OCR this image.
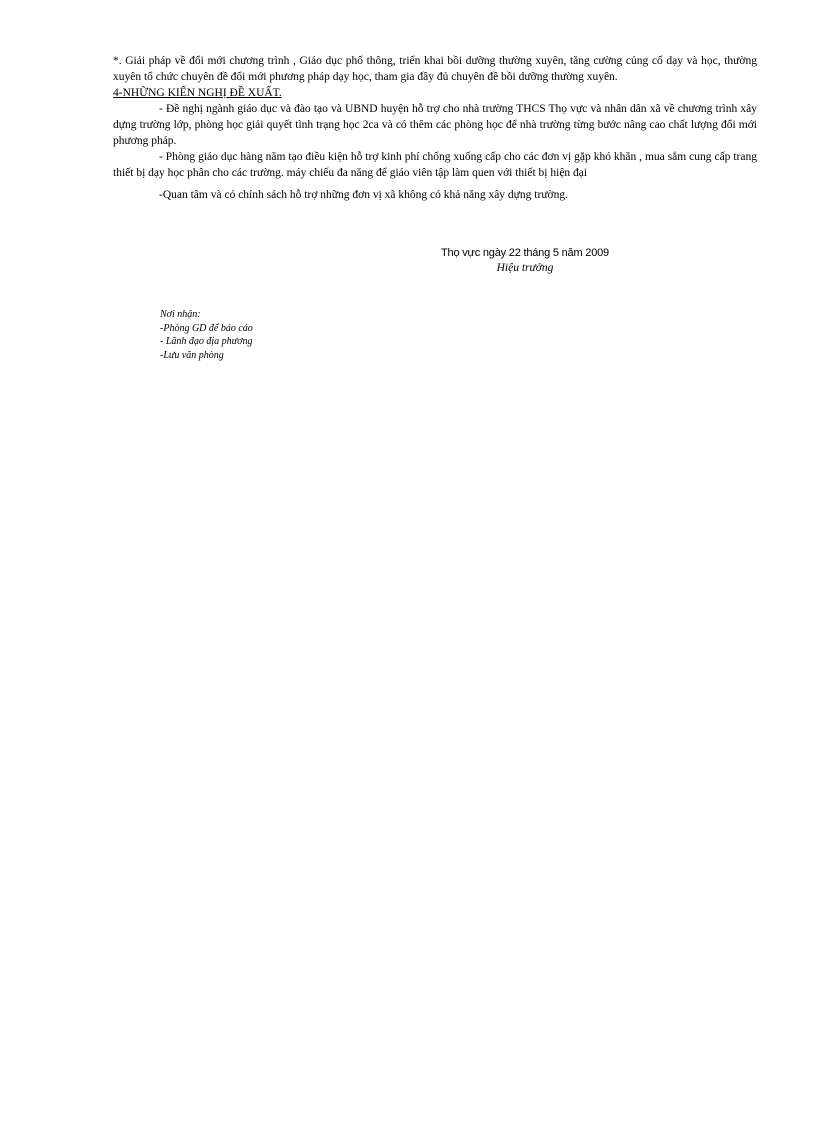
*. Giải pháp về đổi mới chương trình , Giáo dục phổ thông, triển khai bồi dưỡng thường xuyên, tăng cường củng cố dạy và học, thường xuyên tổ chức chuyên đề đổi mới phương pháp dạy học, tham gia đầy đủ chuyên đề bồi dưỡng thường xuyên.

4-NHỮNG KIẾN NGHỊ ĐỀ XUẤT.

- Đề nghị ngành giáo dục và đào tạo và UBND huyện hỗ trợ cho nhà trường THCS Thọ vực và nhân dân xã về chương trình xây dựng trường lớp, phòng học giải quyết tình trạng học 2ca và có thêm các phòng học để nhà trường từng bước nâng cao chất lượng đổi mới phương pháp.

- Phòng giáo dục hàng năm tạo điều kiện hỗ trợ kinh phí chống xuống cấp cho các đơn vị gặp khó khăn , mua sắm cung cấp trang thiết bị dạy học phân cho các trường. máy chiếu đa năng để giáo viên tập làm quen với thiết bị hiện đại

-Quan tâm và có chính sách hỗ trợ những đơn vị xã không có khả năng xây dựng trường.

Thọ vực ngày 22 tháng 5 năm 2009
Hiệu trưởng
Nơi nhận:
-Phòng GD để báo cáo
- Lãnh đạo địa phương
-Lưu văn phòng
